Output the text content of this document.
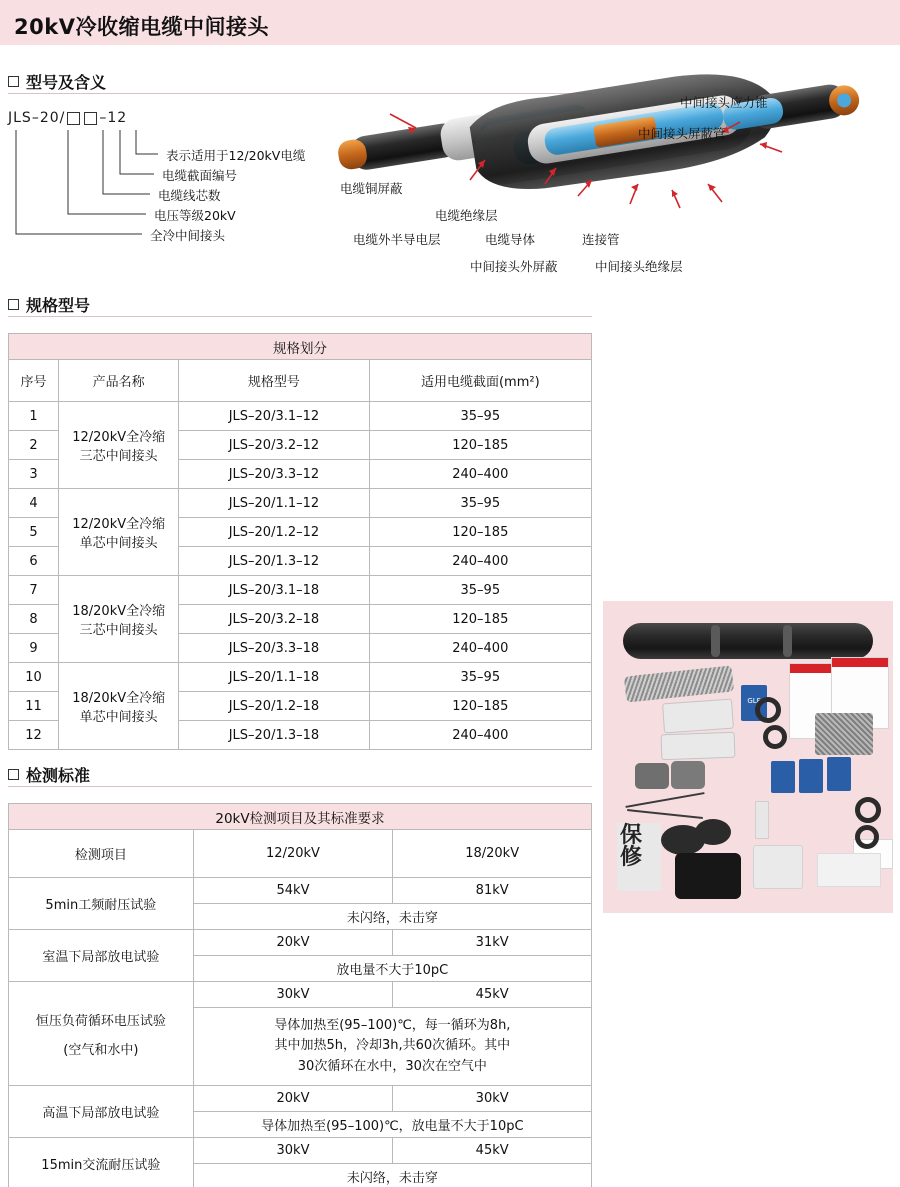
20kV冷收缩电缆中间接头
型号及含义
JLS–20/ –12
表示适用于12/20kV电缆
电缆截面编号
电缆线芯数
电压等级20kV
全冷中间接头
中间接头应力锥
中间接头屏蔽管
电缆铜屏蔽
电缆绝缘层
电缆外半导电层	电缆导体	连接管
中间接头外屏蔽	中间接头绝缘层
规格型号
规格划分			
序号	产品名称	规格型号	适用电缆截面(mm²)
1	12/20kV全冷缩
三芯中间接头	JLS–20/3.1–12	35–95
2		JLS–20/3.2–12	120–185
3		JLS–20/3.3–12	240–400
4	12/20kV全冷缩
单芯中间接头	JLS–20/1.1–12	35–95
5		JLS–20/1.2–12	120–185
6		JLS–20/1.3–12	240–400
7	18/20kV全冷缩
三芯中间接头	JLS–20/3.1–18	35–95
8		JLS–20/3.2–18	120–185
9		JLS–20/3.3–18	240–400
10	18/20kV全冷缩
单芯中间接头	JLS–20/1.1–18	35–95
11		JLS–20/1.2–18	120–185
12		JLS–20/1.3–18	240–400
检测标准
20kV检测项目及其标准要求		
检测项目	12/20kV	18/20kV
5min工频耐压试验	54kV	81kV
	未闪络，未击穿	
室温下局部放电试验	20kV	31kV
	放电量不大于10pC	

恒压负荷循环电压试验
(空气和水中)	30kV	45kV

	导体加热至(95–100)℃，每一循环为8h,
其中加热5h，冷却3h,共60次循环。其中
30次循环在水中，30次在空气中	

高温下局部放电试验	20kV	30kV
	导体加热至(95–100)℃，放电量不大于10pC	
15min交流耐压试验	30kV	45kV
	未闪络，未击穿	
GLF
保
修
